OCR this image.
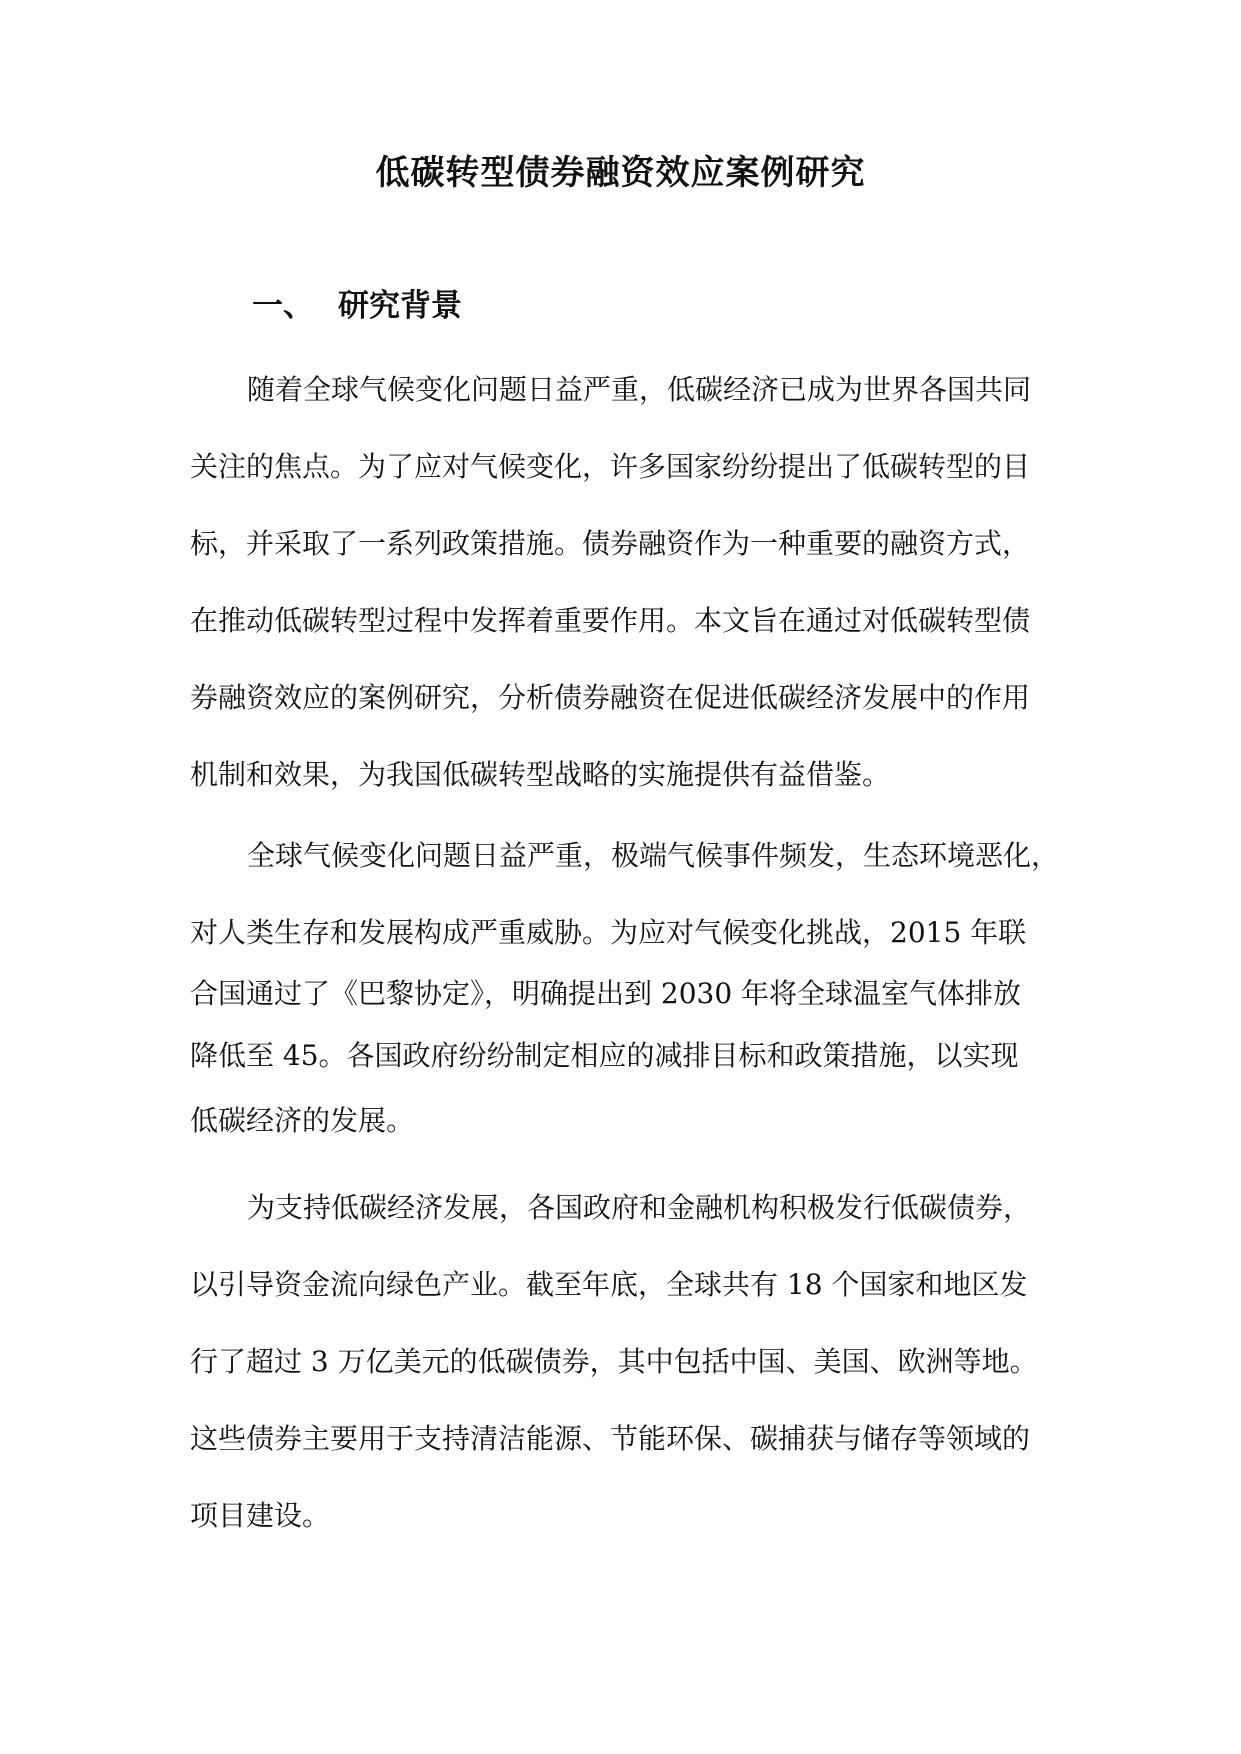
低碳转型债券融资效应案例研究
一、 研究背景

随着全球气候变化问题日益严重，低碳经济已成为世界各国共同

关注的焦点。为了应对气候变化，许多国家纷纷提出了低碳转型的目

标，并采取了一系列政策措施。债券融资作为一种重要的融资方式，

在推动低碳转型过程中发挥着重要作用。本文旨在通过对低碳转型债

券融资效应的案例研究，分析债券融资在促进低碳经济发展中的作用

机制和效果，为我国低碳转型战略的实施提供有益借鉴。

全球气候变化问题日益严重，极端气候事件频发，生态环境恶化，

对人类生存和发展构成严重威胁。为应对气候变化挑战，2015 年联

合国通过了《巴黎协定》，明确提出到 2030 年将全球温室气体排放

降低至 45。各国政府纷纷制定相应的减排目标和政策措施，以实现

低碳经济的发展。

为支持低碳经济发展，各国政府和金融机构积极发行低碳债券，

以引导资金流向绿色产业。截至年底，全球共有 18 个国家和地区发

行了超过 3 万亿美元的低碳债券，其中包括中国、美国、欧洲等地。

这些债券主要用于支持清洁能源、节能环保、碳捕获与储存等领域的

项目建设。
